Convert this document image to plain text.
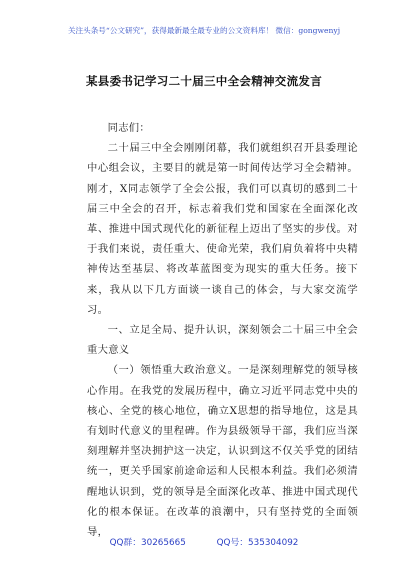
关注头条号“公文研究”，获得最新最全最专业的公文资料库！ 微信：gongwenyj
某县委书记学习二十届三中全会精神交流发言

同志们：

二十届三中全会刚刚闭幕，我们就组织召开县委理论中心组会议，主要目的就是第一时间传达学习全会精神。刚才，X同志领学了全会公报，我们可以真切的感到二十届三中全会的召开，标志着我们党和国家在全面深化改革、推进中国式现代化的新征程上迈出了坚实的步伐。对于我们来说，责任重大、使命光荣，我们肩负着将中央精神传达至基层、将改革蓝图变为现实的重大任务。接下来，我从以下几方面谈一谈自己的体会，与大家交流学习。

一、立足全局、提升认识，深刻领会二十届三中全会重大意义

（一）领悟重大政治意义。一是深刻理解党的领导核心作用。在我党的发展历程中，确立习近平同志党中央的核心、全党的核心地位，确立X思想的指导地位，这是具有划时代意义的里程碑。作为县级领导干部，我们应当深刻理解并坚决拥护这一决定，认识到这不仅关乎党的团结统一，更关乎国家前途命运和人民根本利益。我们必须清醒地认识到，党的领导是全面深化改革、推进中国式现代化的根本保证。在改革的浪潮中，只有坚持党的全面领导，

QQ群：30265665	QQ号：535304092
